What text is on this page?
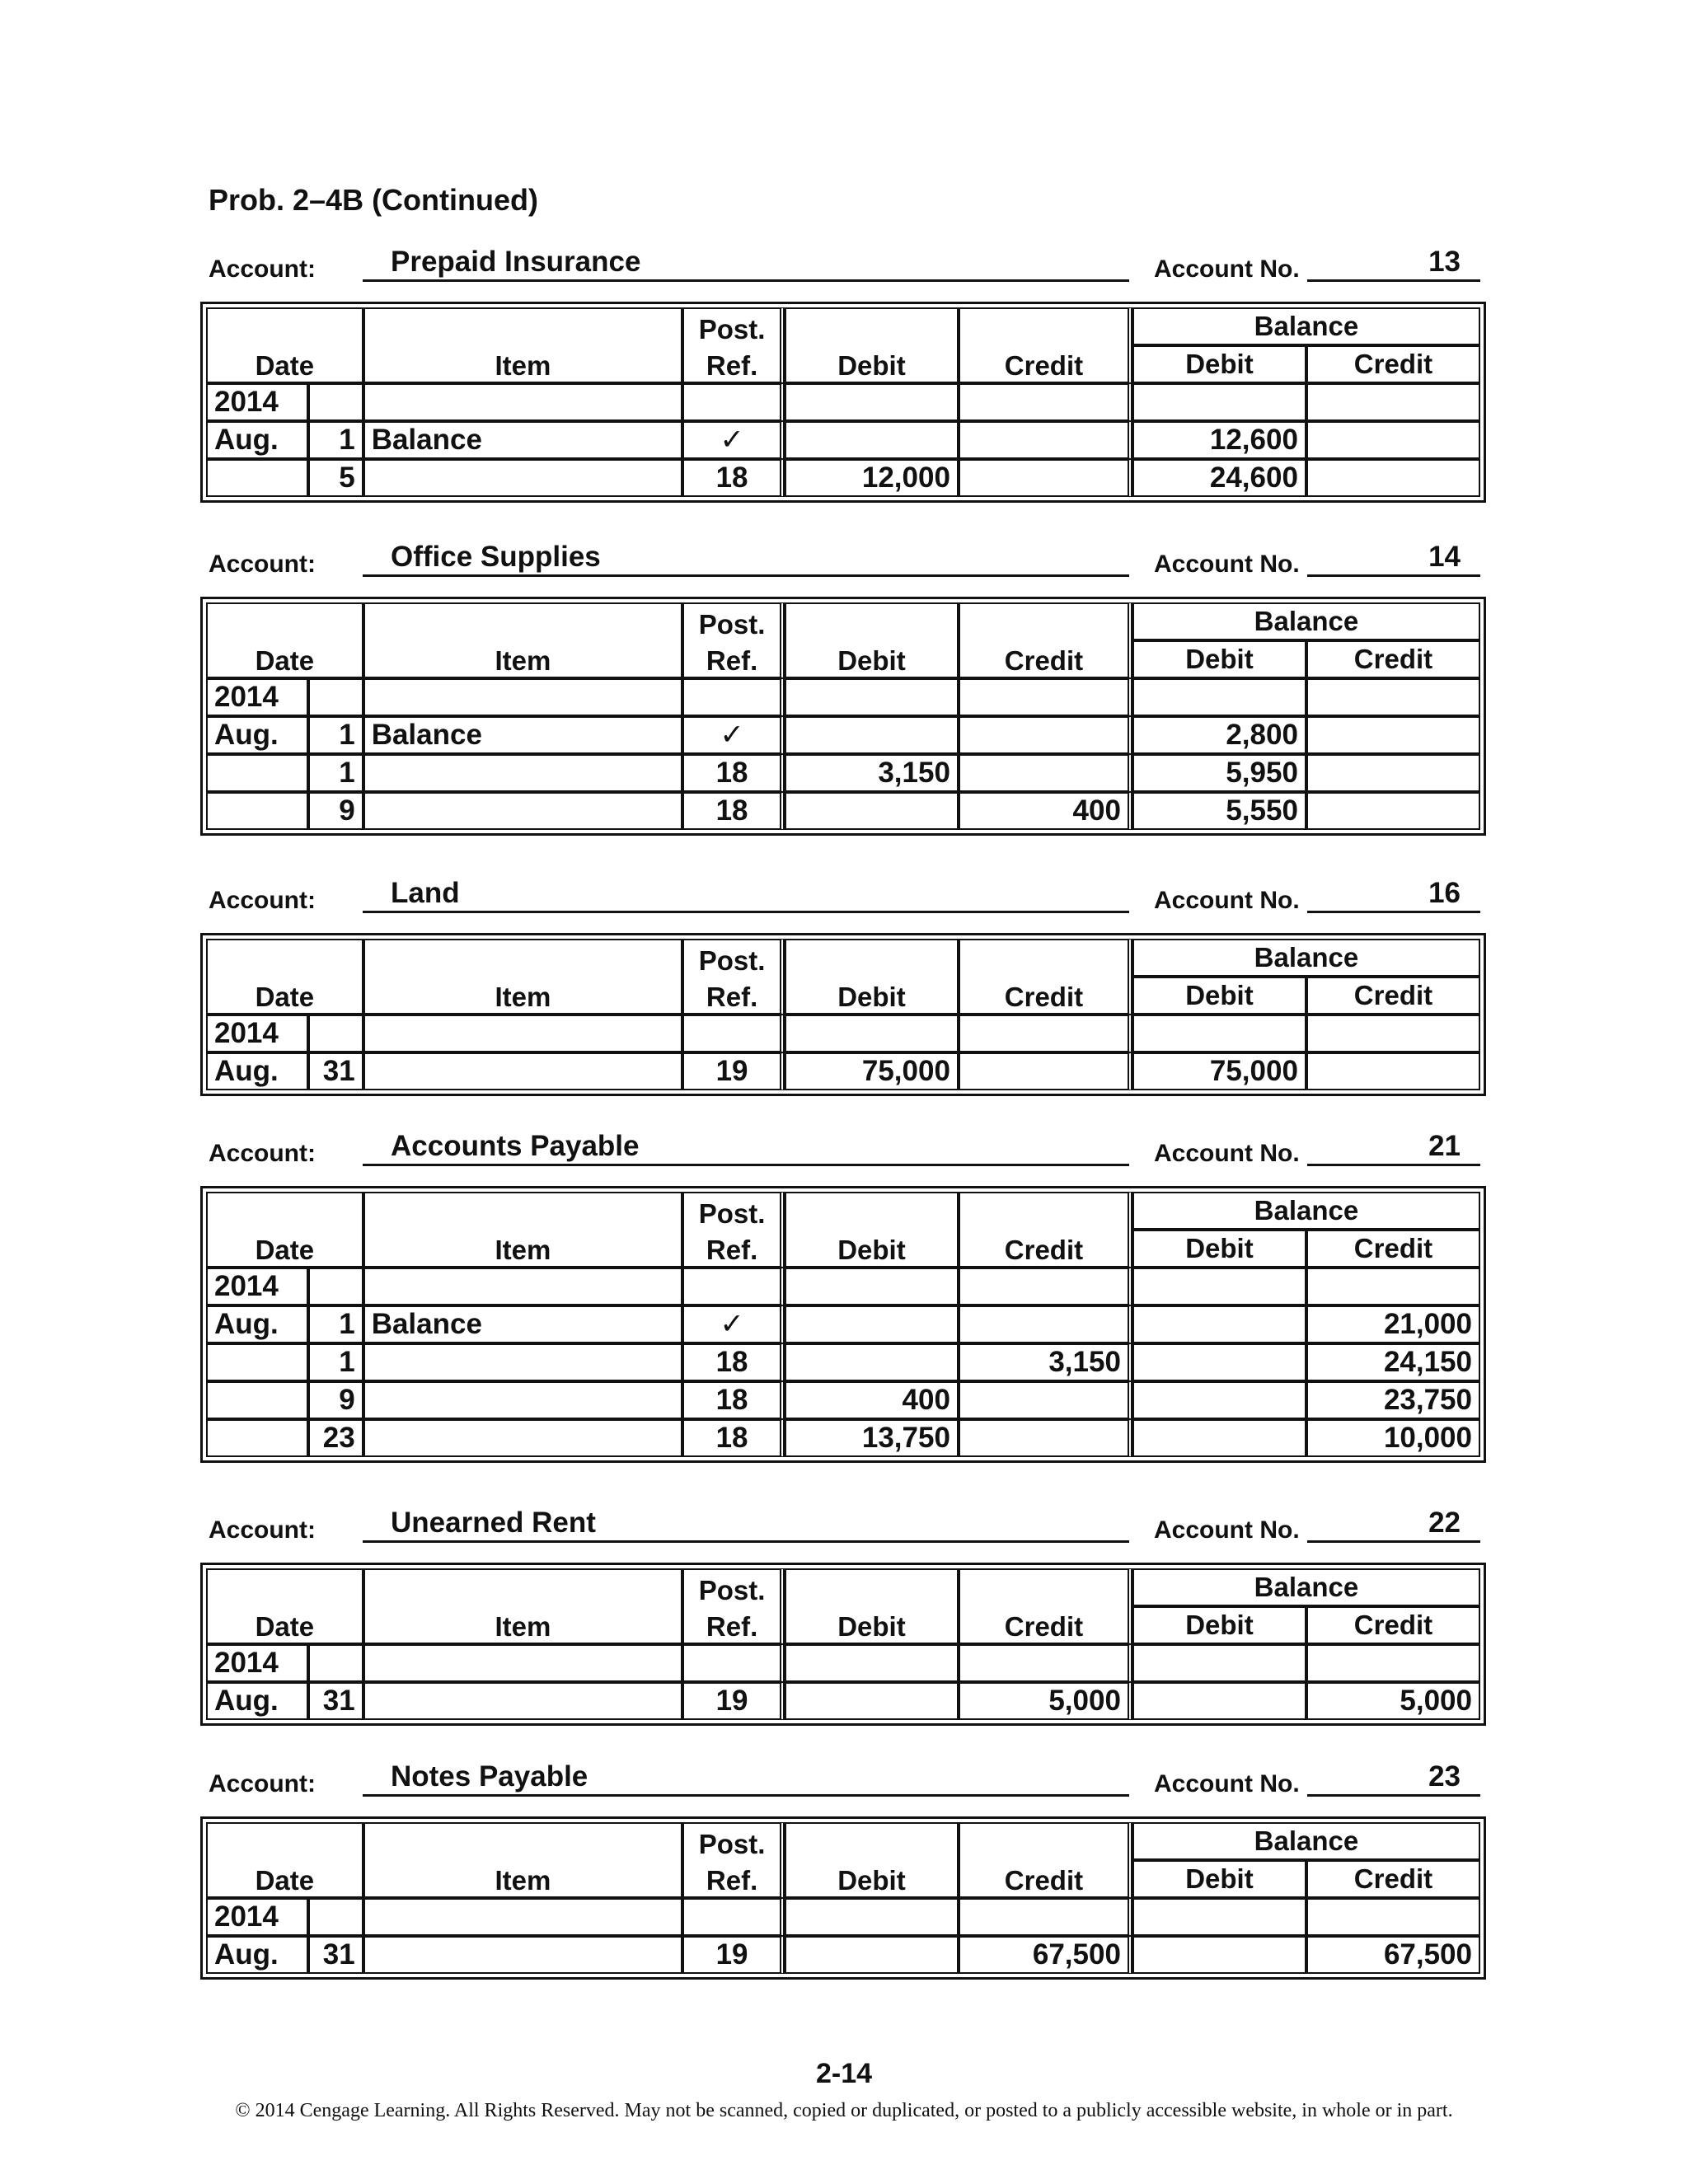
Prob. 2–4B (Continued)
Account:	Prepaid Insurance	Account No.	13
			Post.			Balance	
Date		Item	Ref.	Debit	Credit	Debit	Credit
2014							
Aug.	1	Balance	✓			12,600	
	5		18	12,000		24,600	
Account:	Office Supplies	Account No.	14
			Post.			Balance	
Date		Item	Ref.	Debit	Credit	Debit	Credit
2014							
Aug.	1	Balance	✓			2,800	
	1		18	3,150		5,950	
	9		18		400	5,550	
Account:	Land	Account No.	16
			Post.			Balance	
Date		Item	Ref.	Debit	Credit	Debit	Credit
2014							
Aug.	31		19	75,000		75,000	
Account:	Accounts Payable	Account No.	21
			Post.			Balance	
Date		Item	Ref.	Debit	Credit	Debit	Credit
2014							
Aug.	1	Balance	✓				21,000
	1		18		3,150		24,150
	9		18	400			23,750
	23		18	13,750			10,000
Account:	Unearned Rent	Account No.	22
			Post.			Balance	
Date		Item	Ref.	Debit	Credit	Debit	Credit
2014							
Aug.	31		19		5,000		5,000
Account:	Notes Payable	Account No.	23
			Post.			Balance	
Date		Item	Ref.	Debit	Credit	Debit	Credit
2014							
Aug.	31		19		67,500		67,500
2-14
© 2014 Cengage Learning. All Rights Reserved. May not be scanned, copied or duplicated, or posted to a publicly accessible website, in whole or in part.
